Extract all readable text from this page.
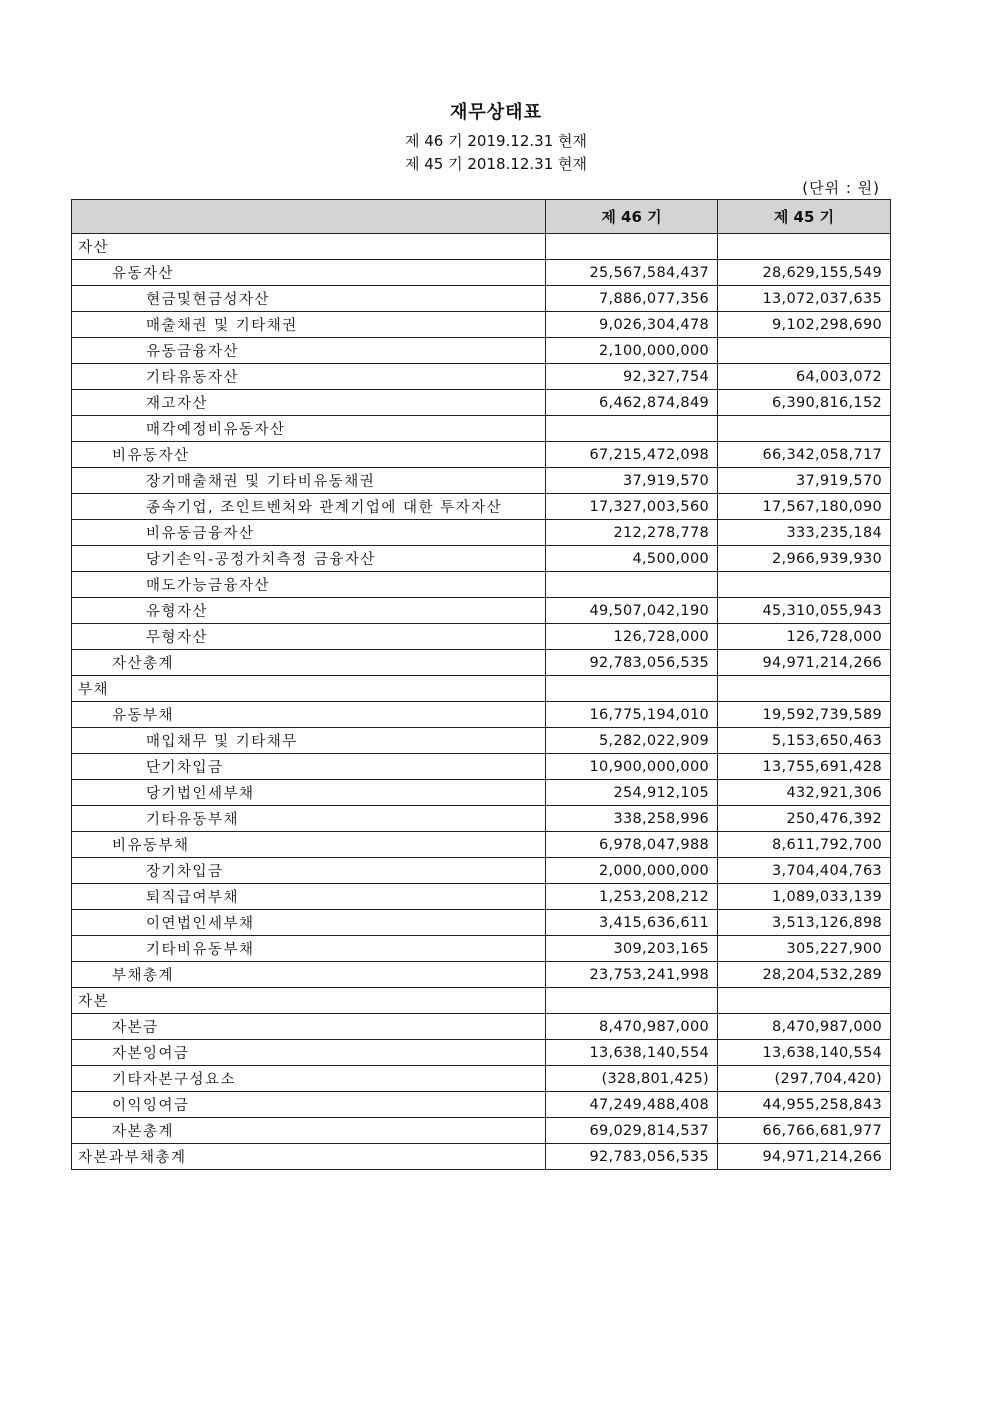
재무상태표
제 46 기 2019.12.31 현재
제 45 기 2018.12.31 현재
(단위 : 원)
	제 46 기	제 45 기
자산		
유동자산	25,567,584,437	28,629,155,549
현금및현금성자산	7,886,077,356	13,072,037,635
매출채권 및 기타채권	9,026,304,478	9,102,298,690
유동금융자산	2,100,000,000	
기타유동자산	92,327,754	64,003,072
재고자산	6,462,874,849	6,390,816,152
매각예정비유동자산		
비유동자산	67,215,472,098	66,342,058,717
장기매출채권 및 기타비유동채권	37,919,570	37,919,570
종속기업, 조인트벤처와 관계기업에 대한 투자자산	17,327,003,560	17,567,180,090
비유동금융자산	212,278,778	333,235,184
당기손익-공정가치측정 금융자산	4,500,000	2,966,939,930
매도가능금융자산		
유형자산	49,507,042,190	45,310,055,943
무형자산	126,728,000	126,728,000
자산총계	92,783,056,535	94,971,214,266
부채		
유동부채	16,775,194,010	19,592,739,589
매입채무 및 기타채무	5,282,022,909	5,153,650,463
단기차입금	10,900,000,000	13,755,691,428
당기법인세부채	254,912,105	432,921,306
기타유동부채	338,258,996	250,476,392
비유동부채	6,978,047,988	8,611,792,700
장기차입금	2,000,000,000	3,704,404,763
퇴직급여부채	1,253,208,212	1,089,033,139
이연법인세부채	3,415,636,611	3,513,126,898
기타비유동부채	309,203,165	305,227,900
부채총계	23,753,241,998	28,204,532,289
자본		
자본금	8,470,987,000	8,470,987,000
자본잉여금	13,638,140,554	13,638,140,554
기타자본구성요소	(328,801,425)	(297,704,420)
이익잉여금	47,249,488,408	44,955,258,843
자본총계	69,029,814,537	66,766,681,977
자본과부채총계	92,783,056,535	94,971,214,266
